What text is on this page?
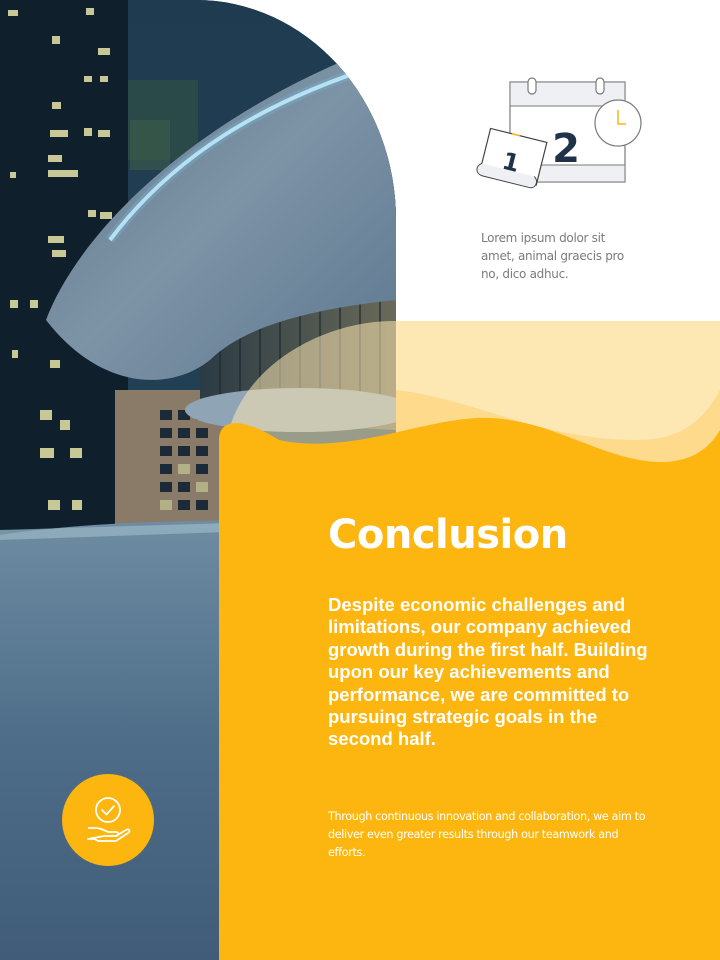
2
1
Lorem ipsum dolor sit amet, animal graecis pro no, dico adhuc.
Conclusion
Despite economic challenges and limitations, our company achieved growth during the first half. Building upon our key achievements and performance, we are committed to pursuing strategic goals in the second half.
Through continuous innovation and collaboration, we aim to deliver even greater results through our teamwork and efforts.
